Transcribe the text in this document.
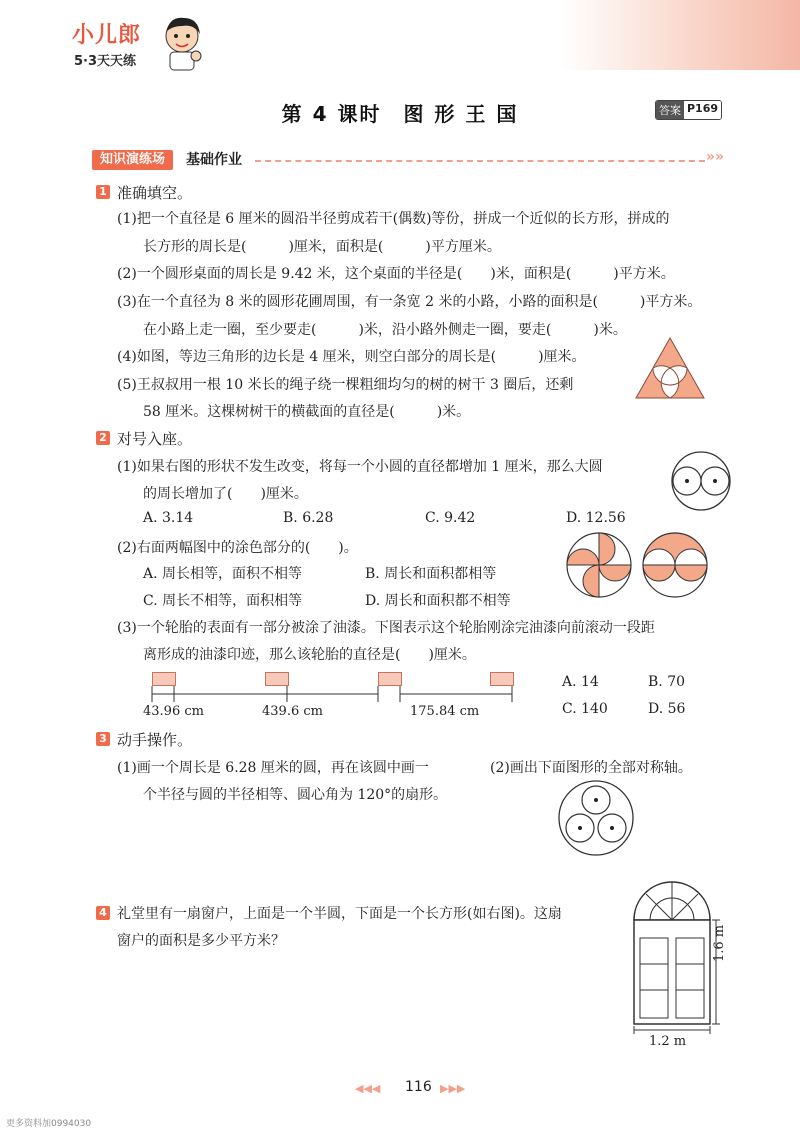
小儿郎
5·3天天练
第 4 课时　图 形 王 国	答案 P169
知识演练场	基础作业	»»
1 准确填空。
(1)把一个直径是 6 厘米的圆沿半径剪成若干(偶数)等份，拼成一个近似的长方形，拼成的
长方形的周长是(　　　)厘米，面积是(　　　)平方厘米。
(2)一个圆形桌面的周长是 9.42 米，这个桌面的半径是(　　)米，面积是(　　　)平方米。
(3)在一个直径为 8 米的圆形花圃周围，有一条宽 2 米的小路，小路的面积是(　　　)平方米。
在小路上走一圈，至少要走(　　　)米，沿小路外侧走一圈，要走(　　　)米。
(4)如图，等边三角形的边长是 4 厘米，则空白部分的周长是(　　　)厘米。
(5)王叔叔用一根 10 米长的绳子绕一棵粗细均匀的树的树干 3 圈后，还剩
58 厘米。这棵树树干的横截面的直径是(　　　)米。
2 对号入座。
(1)如果右图的形状不发生改变，将每一个小圆的直径都增加 1 厘米，那么大圆
的周长增加了(　　)厘米。
A. 3.14	B. 6.28	C. 9.42	D. 12.56
(2)右面两幅图中的涂色部分的(　　)。
A. 周长相等，面积不相等	B. 周长和面积都相等
C. 周长不相等，面积相等	D. 周长和面积都不相等
(3)一个轮胎的表面有一部分被涂了油漆。下图表示这个轮胎刚涂完油漆向前滚动一段距
离形成的油漆印迹，那么该轮胎的直径是(　　)厘米。
43.96 cm	439.6 cm	175.84 cm
A. 14	B. 70
C. 140	D. 56
3 动手操作。
(1)画一个周长是 6.28 厘米的圆，再在该圆中画一
个半径与圆的半径相等、圆心角为 120°的扇形。
(2)画出下面图形的全部对称轴。
4 礼堂里有一扇窗户，上面是一个半圆，下面是一个长方形(如右图)。这扇
窗户的面积是多少平方米？	1.6 m
1.2 m
◀◀◀ 116 ▶▶▶
更多资料加0994030
